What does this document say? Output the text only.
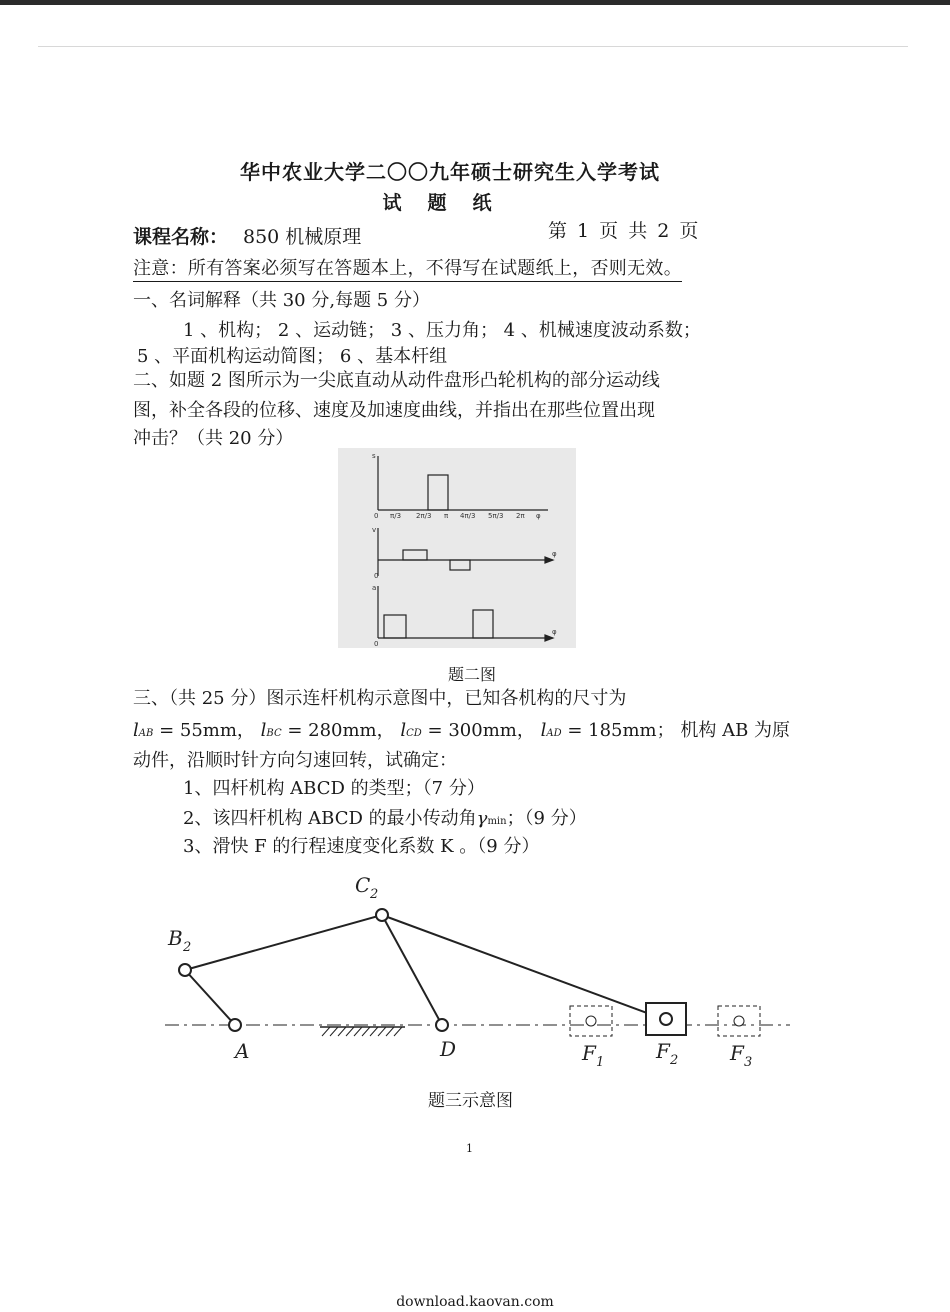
华中农业大学二〇〇九年硕士研究生入学考试
试题纸
课程名称： 850 机械原理	第 1 页 共 2 页
注意：所有答案必须写在答题本上，不得写在试题纸上，否则无效。
一、名词解释（共 30 分,每题 5 分）
1 、机构； 2 、运动链； 3 、压力角； 4 、机械速度波动系数；
5 、平面机构运动简图； 6 、基本杆组
二、如题 2 图所示为一尖底直动从动件盘形凸轮机构的部分运动线
图，补全各段的位移、速度及加速度曲线，并指出在那些位置出现
冲击？（共 20 分）
s
v
a
0
0
0
π/3 2π/3 π 4π/3 5π/3 2π φ
φ
φ
题二图
三、（共 25 分）图示连杆机构示意图中，已知各机构的尺寸为
lAB = 55mm， lBC = 280mm， lCD = 300mm， lAD = 185mm； 机构 AB 为原
动件，沿顺时针方向匀速回转，试确定：
1、四杆机构 ABCD 的类型；（7 分）
2、该四杆机构 ABCD 的最小传动角γmin；（9 分）
3、滑快 F 的行程速度变化系数 K 。（9 分）
B 2
C 2
A	D	F 1	F 2	F 3
题三示意图
1
download.kaovan.com
